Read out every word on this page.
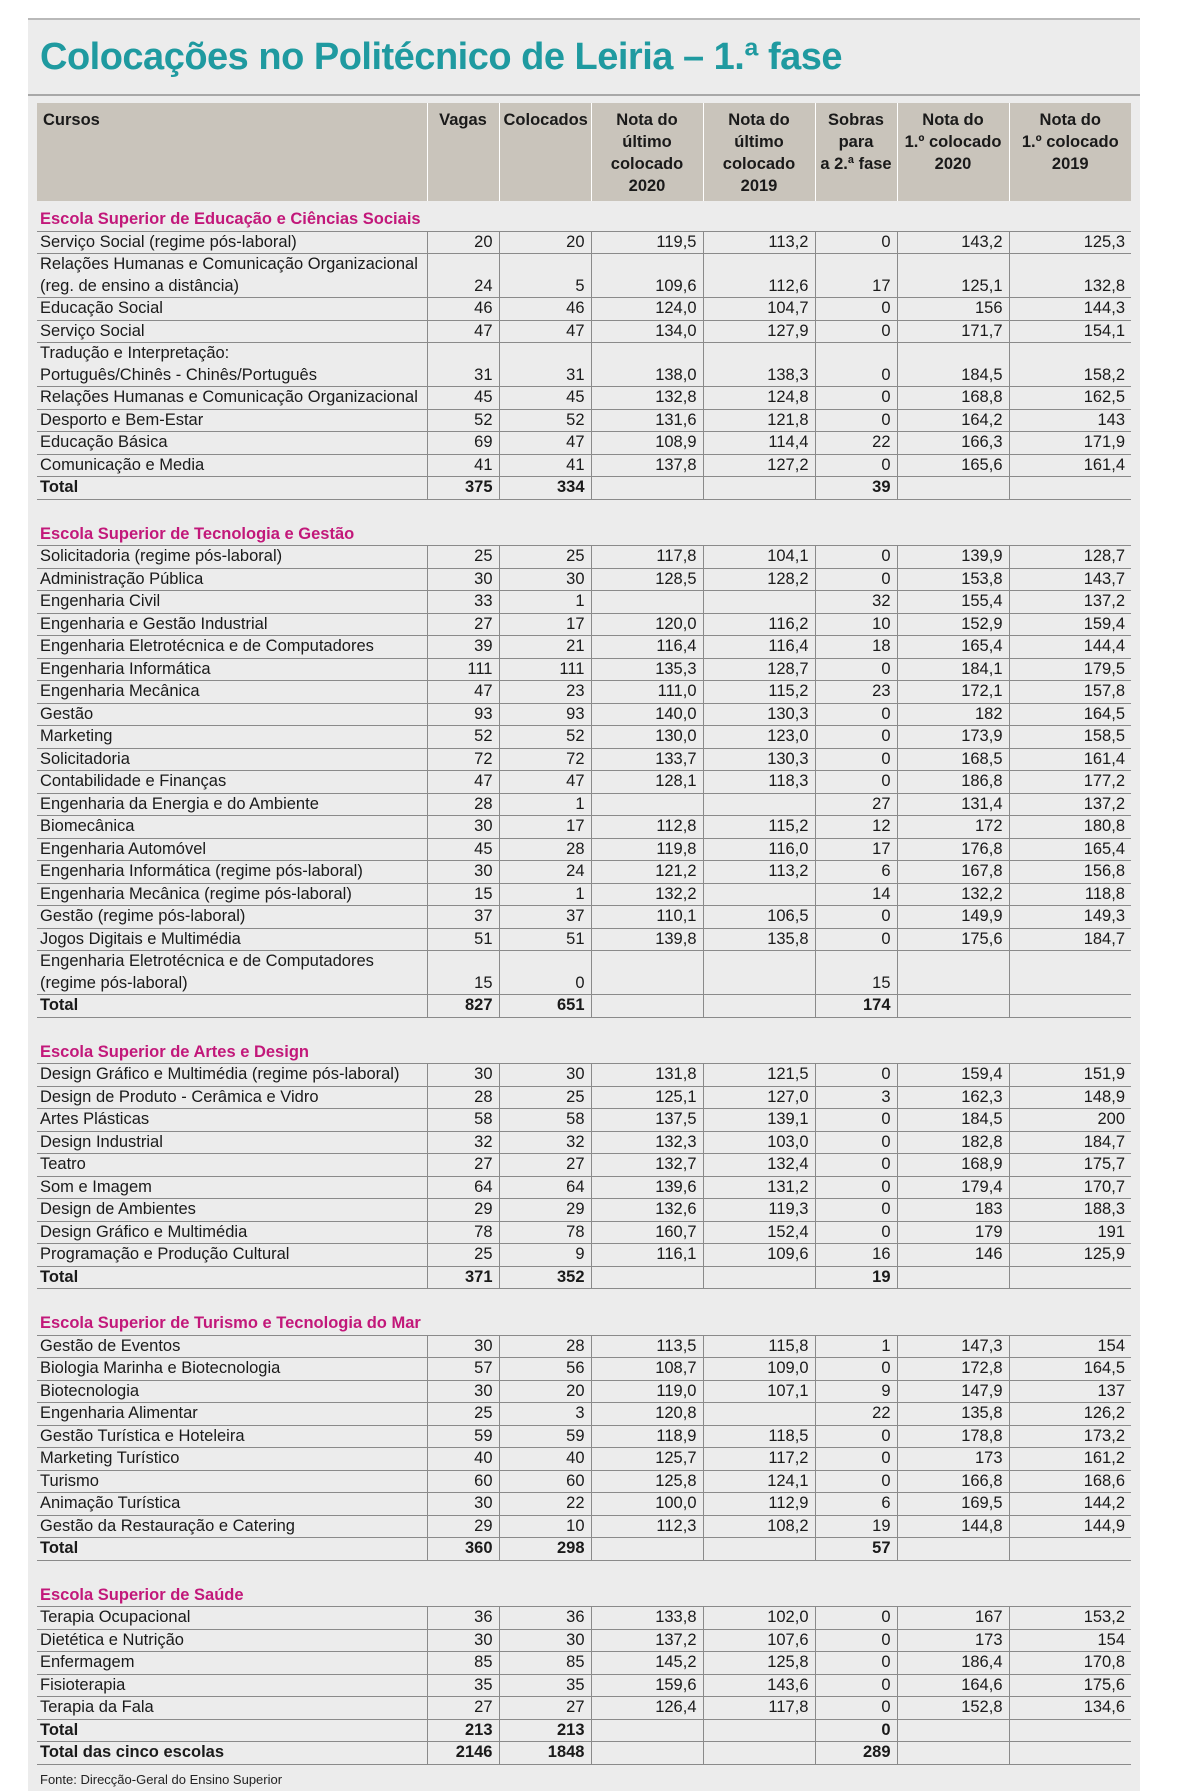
Colocações no Politécnico de Leiria – 1.ª fase
Cursos	Vagas	Colocados	Nota do
último
colocado
2020	Nota do
último
colocado
2019	Sobras
para
a 2.ª fase	Nota do
1.º colocado
2020	Nota do
1.º colocado
2019
Escola Superior de Educação e Ciências Sociais							
Serviço Social (regime pós-laboral)	20	20	119,5	113,2	0	143,2	125,3
Relações Humanas e Comunicação Organizacional
(reg. de ensino a distância)	24	5	109,6	112,6	17	125,1	132,8
Educação Social	46	46	124,0	104,7	0	156	144,3
Serviço Social	47	47	134,0	127,9	0	171,7	154,1
Tradução e Interpretação:
Português/Chinês - Chinês/Português	31	31	138,0	138,3	0	184,5	158,2
Relações Humanas e Comunicação Organizacional	45	45	132,8	124,8	0	168,8	162,5
Desporto e Bem-Estar	52	52	131,6	121,8	0	164,2	143
Educação Básica	69	47	108,9	114,4	22	166,3	171,9
Comunicação e Media	41	41	137,8	127,2	0	165,6	161,4
Total	375	334			39		

Escola Superior de Tecnologia e Gestão							
Solicitadoria (regime pós-laboral)	25	25	117,8	104,1	0	139,9	128,7
Administração Pública	30	30	128,5	128,2	0	153,8	143,7
Engenharia Civil	33	1			32	155,4	137,2
Engenharia e Gestão Industrial	27	17	120,0	116,2	10	152,9	159,4
Engenharia Eletrotécnica e de Computadores	39	21	116,4	116,4	18	165,4	144,4
Engenharia Informática	111	111	135,3	128,7	0	184,1	179,5
Engenharia Mecânica	47	23	111,0	115,2	23	172,1	157,8
Gestão	93	93	140,0	130,3	0	182	164,5
Marketing	52	52	130,0	123,0	0	173,9	158,5
Solicitadoria	72	72	133,7	130,3	0	168,5	161,4
Contabilidade e Finanças	47	47	128,1	118,3	0	186,8	177,2
Engenharia da Energia e do Ambiente	28	1			27	131,4	137,2
Biomecânica	30	17	112,8	115,2	12	172	180,8
Engenharia Automóvel	45	28	119,8	116,0	17	176,8	165,4
Engenharia Informática (regime pós-laboral)	30	24	121,2	113,2	6	167,8	156,8
Engenharia Mecânica (regime pós-laboral)	15	1	132,2		14	132,2	118,8
Gestão (regime pós-laboral)	37	37	110,1	106,5	0	149,9	149,3
Jogos Digitais e Multimédia	51	51	139,8	135,8	0	175,6	184,7
Engenharia Eletrotécnica e de Computadores
(regime pós-laboral)	15	0			15		
Total	827	651			174		

Escola Superior de Artes e Design							
Design Gráfico e Multimédia (regime pós-laboral)	30	30	131,8	121,5	0	159,4	151,9
Design de Produto - Cerâmica e Vidro	28	25	125,1	127,0	3	162,3	148,9
Artes Plásticas	58	58	137,5	139,1	0	184,5	200
Design Industrial	32	32	132,3	103,0	0	182,8	184,7
Teatro	27	27	132,7	132,4	0	168,9	175,7
Som e Imagem	64	64	139,6	131,2	0	179,4	170,7
Design de Ambientes	29	29	132,6	119,3	0	183	188,3
Design Gráfico e Multimédia	78	78	160,7	152,4	0	179	191
Programação e Produção Cultural	25	9	116,1	109,6	16	146	125,9
Total	371	352			19		

Escola Superior de Turismo e Tecnologia do Mar							
Gestão de Eventos	30	28	113,5	115,8	1	147,3	154
Biologia Marinha e Biotecnologia	57	56	108,7	109,0	0	172,8	164,5
Biotecnologia	30	20	119,0	107,1	9	147,9	137
Engenharia Alimentar	25	3	120,8		22	135,8	126,2
Gestão Turística e Hoteleira	59	59	118,9	118,5	0	178,8	173,2
Marketing Turístico	40	40	125,7	117,2	0	173	161,2
Turismo	60	60	125,8	124,1	0	166,8	168,6
Animação Turística	30	22	100,0	112,9	6	169,5	144,2
Gestão da Restauração e Catering	29	10	112,3	108,2	19	144,8	144,9
Total	360	298			57		

Escola Superior de Saúde							
Terapia Ocupacional	36	36	133,8	102,0	0	167	153,2
Dietética e Nutrição	30	30	137,2	107,6	0	173	154
Enfermagem	85	85	145,2	125,8	0	186,4	170,8
Fisioterapia	35	35	159,6	143,6	0	164,6	175,6
Terapia da Fala	27	27	126,4	117,8	0	152,8	134,6
Total	213	213			0		
Total das cinco escolas	2146	1848			289		
Fonte: Direcção-Geral do Ensino Superior
